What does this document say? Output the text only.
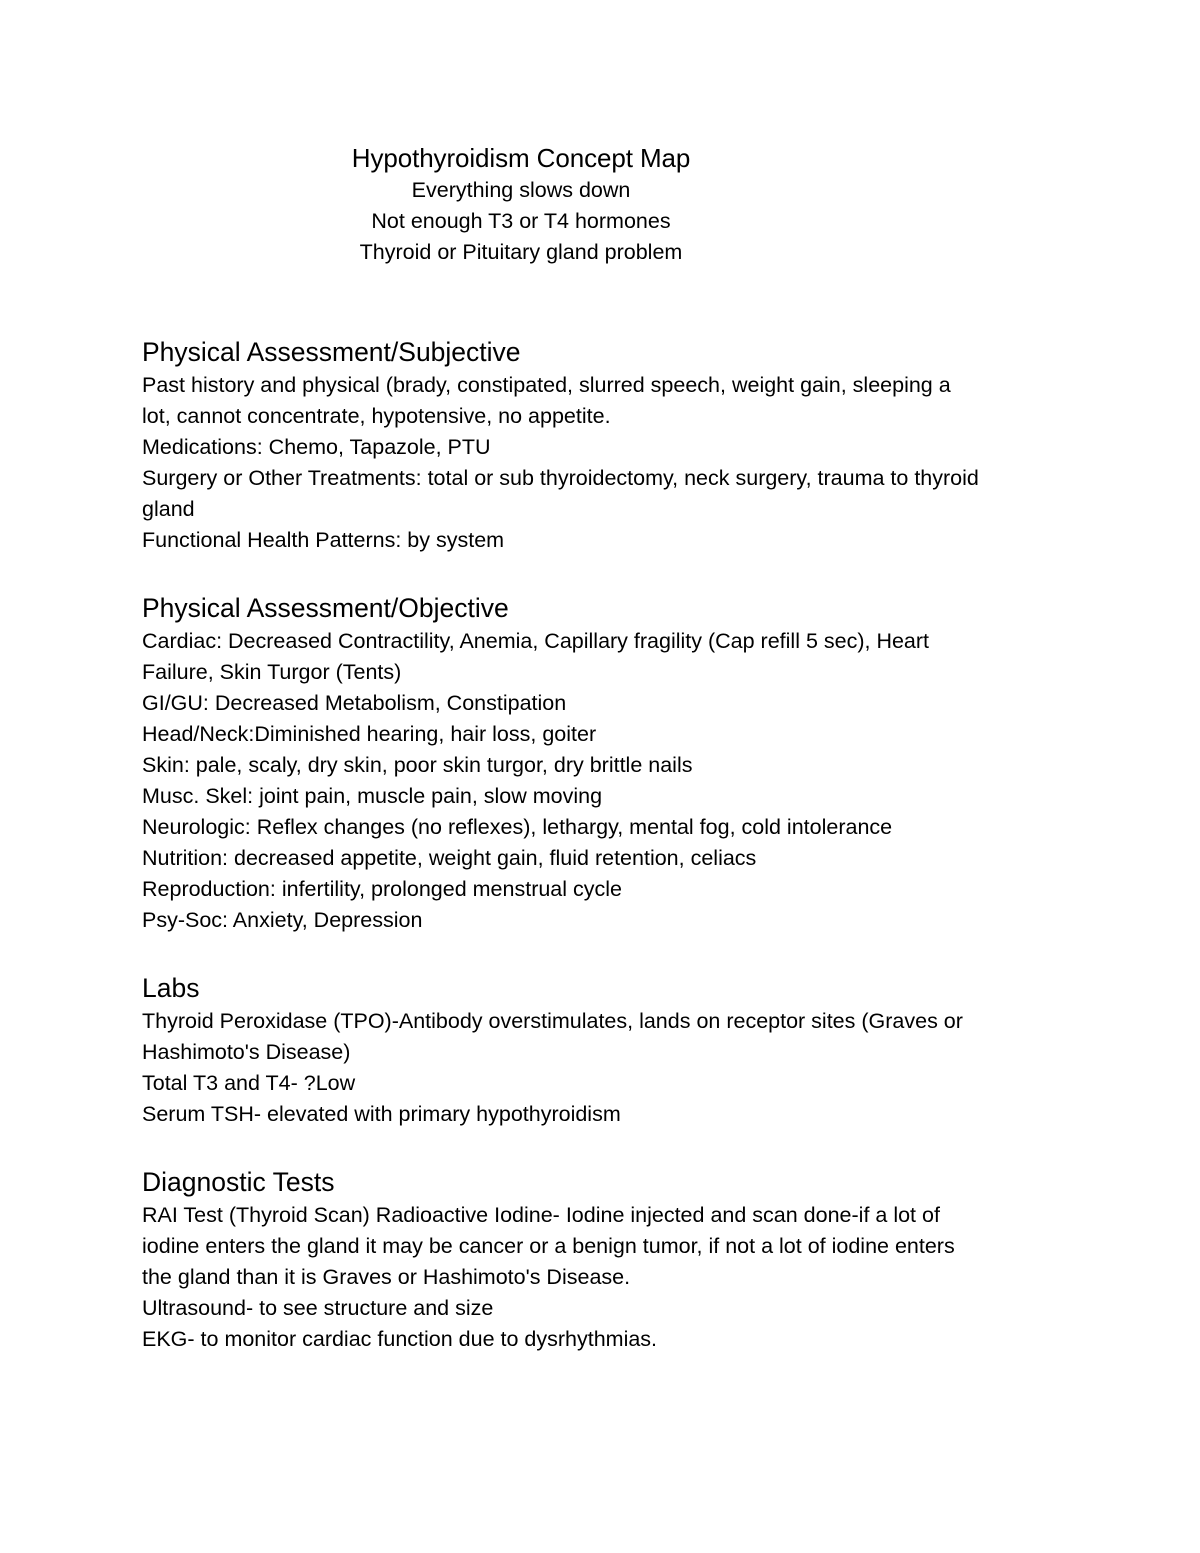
Hypothyroidism Concept Map

Everything slows down

Not enough T3 or T4 hormones

Thyroid or Pituitary gland problem

Physical Assessment/Subjective

Past history and physical (brady, constipated, slurred speech, weight gain, sleeping a

lot, cannot concentrate, hypotensive, no appetite.

Medications: Chemo, Tapazole, PTU

Surgery or Other Treatments: total or sub thyroidectomy, neck surgery, trauma to thyroid

gland

Functional Health Patterns: by system

Physical Assessment/Objective

Cardiac: Decreased Contractility, Anemia, Capillary fragility (Cap refill 5 sec), Heart

Failure, Skin Turgor (Tents)

GI/GU: Decreased Metabolism, Constipation

Head/Neck:Diminished hearing, hair loss, goiter

Skin: pale, scaly, dry skin, poor skin turgor, dry brittle nails

Musc. Skel: joint pain, muscle pain, slow moving

Neurologic: Reflex changes (no reflexes), lethargy, mental fog, cold intolerance

Nutrition: decreased appetite, weight gain, fluid retention, celiacs

Reproduction: infertility, prolonged menstrual cycle

Psy-Soc: Anxiety, Depression

Labs

Thyroid Peroxidase (TPO)-Antibody overstimulates, lands on receptor sites (Graves or

Hashimoto's Disease)

Total T3 and T4- ?Low

Serum TSH- elevated with primary hypothyroidism

Diagnostic Tests

RAI Test (Thyroid Scan) Radioactive Iodine- Iodine injected and scan done-if a lot of

iodine enters the gland it may be cancer or a benign tumor, if not a lot of iodine enters

the gland than it is Graves or Hashimoto's Disease.

Ultrasound- to see structure and size

EKG- to monitor cardiac function due to dysrhythmias.
